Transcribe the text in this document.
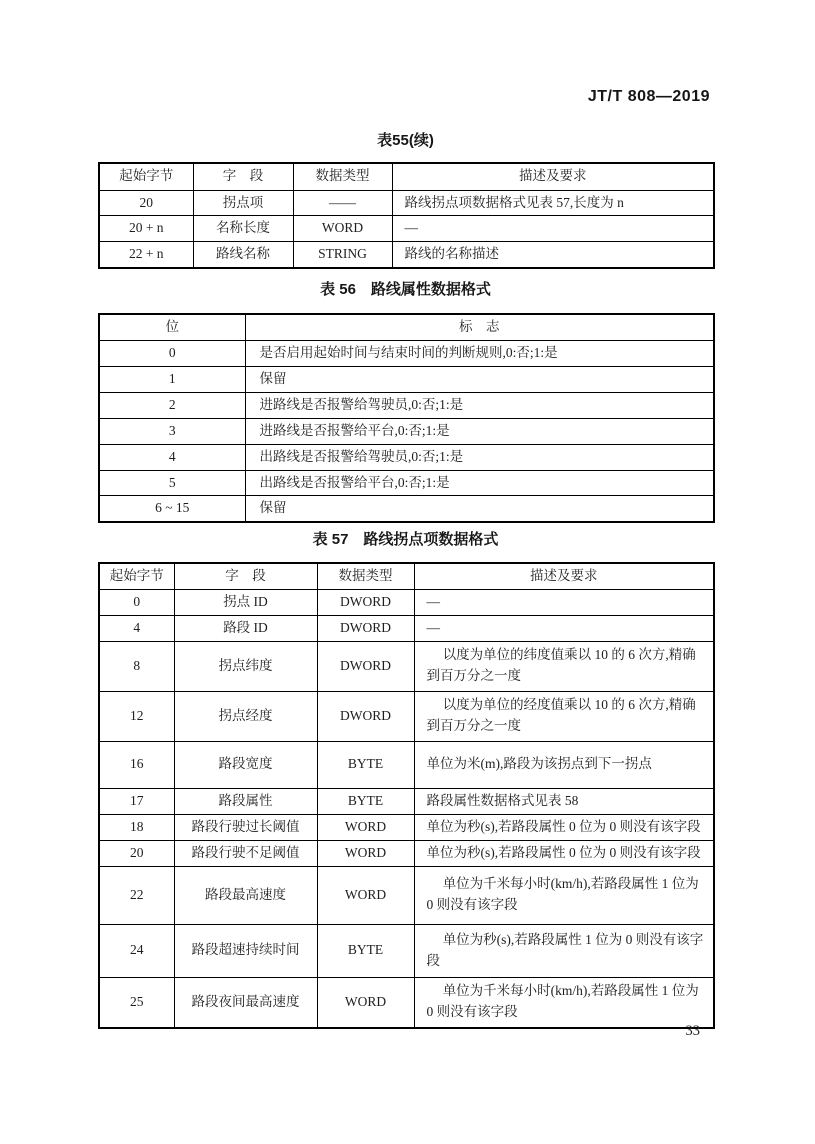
JT/T 808—2019
表55(续)
起始字节	字　段	数据类型	描述及要求
20	拐点项	——	路线拐点项数据格式见表 57,长度为 n
20 + n	名称长度	WORD	—
22 + n	路线名称	STRING	路线的名称描述
表 56　路线属性数据格式
位	标　志
0	是否启用起始时间与结束时间的判断规则,0:否;1:是
1	保留
2	进路线是否报警给驾驶员,0:否;1:是
3	进路线是否报警给平台,0:否;1:是
4	出路线是否报警给驾驶员,0:否;1:是
5	出路线是否报警给平台,0:否;1:是
6 ~ 15	保留
表 57　路线拐点项数据格式
起始字节	字　段	数据类型	描述及要求
0	拐点 ID	DWORD	—
4	路段 ID	DWORD	—
8	拐点纬度	DWORD	以度为单位的纬度值乘以 10 的 6 次方,精确到百万分之一度
12	拐点经度	DWORD	以度为单位的经度值乘以 10 的 6 次方,精确到百万分之一度
16	路段宽度	BYTE	单位为米(m),路段为该拐点到下一拐点
17	路段属性	BYTE	路段属性数据格式见表 58
18	路段行驶过长阈值	WORD	单位为秒(s),若路段属性 0 位为 0 则没有该字段
20	路段行驶不足阈值	WORD	单位为秒(s),若路段属性 0 位为 0 则没有该字段
22	路段最高速度	WORD	单位为千米每小时(km/h),若路段属性 1 位为 0 则没有该字段
24	路段超速持续时间	BYTE	单位为秒(s),若路段属性 1 位为 0 则没有该字段
25	路段夜间最高速度	WORD	单位为千米每小时(km/h),若路段属性 1 位为 0 则没有该字段
33
